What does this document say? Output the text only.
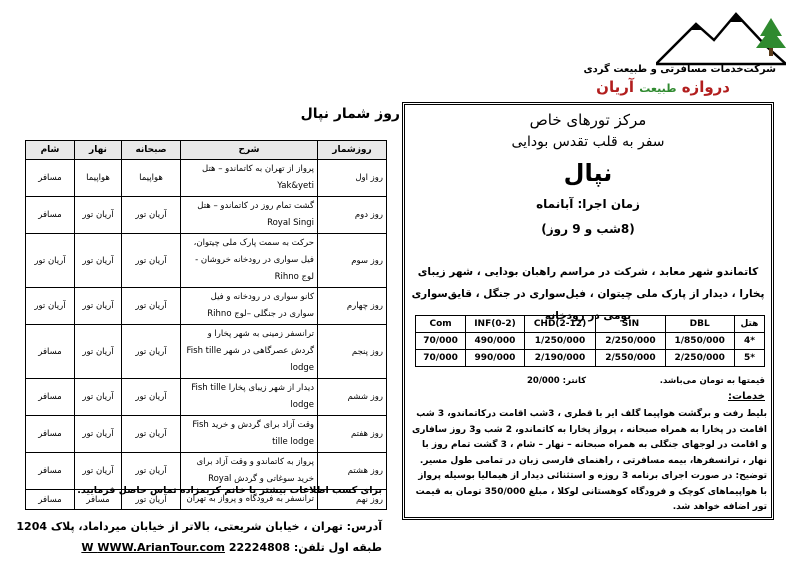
شرکت‌خدمات مسافرتی و طبیعت گردی
دروازه طبیعت آریان
مرکز تورهای خاص
سفر به قلب تقدس بودایی
نپال
زمان اجرا: آبانماه
(8شب و 9 روز)
کاتماندو شهر معابد ، شرکت در مراسم راهبان بودایی ، شهر زیبای پخارا ، دیدار از پارک ملی چیتوان ، فیل‌سواری در جنگل ، قایق‌سواری بومی در رودخانه
Com	INF(0-2)	CHD(2-12)	SIN	DBL	هتل
70/000	490/000	1/250/000	2/250/000	1/850/000	4*
70/000	990/000	2/190/000	2/550/000	2/250/000	5*
قیمتها به تومان می‌باشد.
کانتر: 20/000
خدمات:
بلیط رفت و برگشت هواپیما گلف ایر با قطری ، 3شب اقامت درکاتماندو، 3 شب اقامت در پخارا به همراه صبحانه ، پرواز پخارا به کاتماندو، 2 شب و3 روز سافاری و اقامت در لوجهای جنگلی به همراه صبحانه – نهار – شام ، 3 گشت تمام روز با نهار ، ترانسفرها، بیمه مسافرتی ، راهنمای فارسی زبان در تمامی طول مسیر.
توضیح: در صورت اجرای برنامه 3 روزه و استثنائی دیدار از هیمالیا بوسیله پرواز با هواپیماهای کوچک و فرودگاه کوهستانی لوکلا ، مبلغ 350/000 تومان به قیمت تور اضافه خواهد شد.
روز شمار نپال
روزشمار	شرح	صبحانه	نهار	شام
روز اول	پرواز از تهران به کاتماندو – هتل Yak&yeti	هواپیما	هواپیما	مسافر
روز دوم	گشت تمام روز در کاتماندو – هتل Royal Singi	آریان تور	آریان تور	مسافر
روز سوم	حرکت به سمت پارک ملی چیتوان، فیل سواری در رودخانه خروشان - لوج Rihno	آریان تور	آریان تور	آریان تور
روز چهارم	کانو سواری در رودخانه و فیل سواری در جنگلی –لوج Rihno	آریان تور	آریان تور	آریان تور
روز پنجم	ترانسفر زمینی به شهر پخارا و گردش عصرگاهی در شهر Fish tille lodge	آریان تور	آریان تور	مسافر
روز ششم	دیدار از شهر زیبای پخارا Fish tille lodge	آریان تور	آریان تور	مسافر
روز هفتم	وقت آزاد برای گردش و خرید Fish tille lodge	آریان تور	آریان تور	مسافر
روز هشتم	پرواز به کاتماندو و وقت آزاد برای خرید سوغاتی و گردش Royal	آریان تور	آریان تور	مسافر
روز نهم	ترانسفر به فرودگاه و پرواز به تهران	آریان تور	مسافر	مسافر
برای کسب اطلاعات بیشتر با خانم کریمزاده تماس حاصل فرمایید.
آدرس: تهران ، خیابان شریعتی، بالاتر از خیابان میرداماد، پلاک 1204
طبقه اول تلفن: 22224808 W WWW.ArianTour.com
